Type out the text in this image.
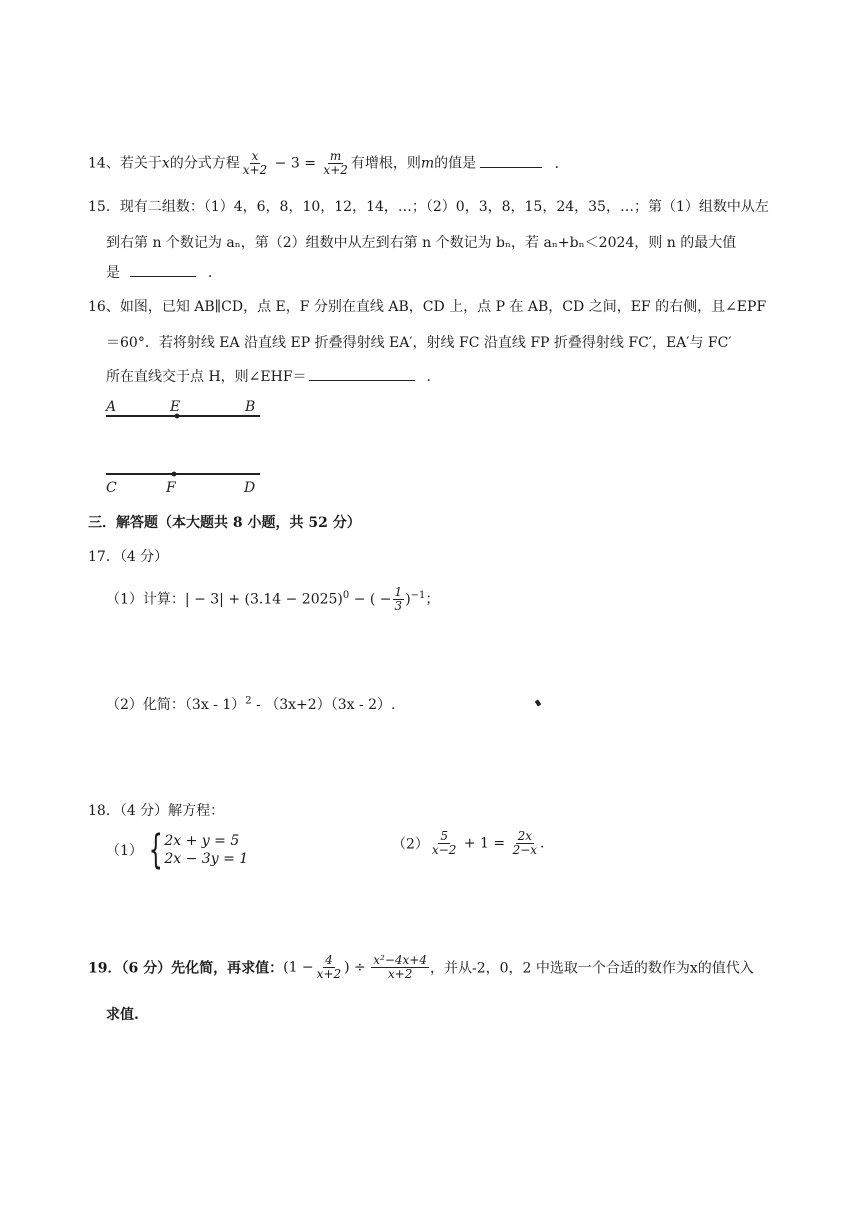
14、若关于x的分式方程 $\frac{x}{x+2} - 3 = \frac{m}{x+2}$ 有增根，则m的值是	．
15．现有二组数：（1）4，6，8，10，12，14，…；（2）0，3，8，15，24，35，…；第（1）组数中从左
到右第 n 个数记为 aₙ，第（2）组数中从左到右第 n 个数记为 bₙ，若 aₙ+bₙ＜2024，则 n 的最大值
是	．
16、如图，已知 AB∥CD，点 E，F 分别在直线 AB，CD 上，点 P 在 AB，CD 之间，EF 的右侧，且∠EPF
＝60°．若将射线 EA 沿直线 EP 折叠得射线 EA′，射线 FC 沿直线 FP 折叠得射线 FC′，EA′与 FC′
所在直线交于点 H，则∠EHF＝	．
A	E	B
C	F	D
三．解答题（本大题共 8 小题，共 52 分）
17．（4 分）
（1）计算：| − $3| + (3.14 - 2025)^0$ − ( − $\frac{1}{3} )^{-1}$；
（2）化简：（3x - 1）$^2$ - （3x+2）（3x - 2）.
18．（4 分）解方程：
（1） { 2x + y = 5
2x − 3y = 1
$(2) \frac{5}{x-2} + 1 = \frac{2x}{2-x}$ .
19．（6 分）先化简，再求值：($1 - \frac{4}{x+2}$ ) ÷ $\frac{\text{x²−4x+4}}{x+2}$ ，并从-2，0，2 中选取一个合适的数作为x的值代入
求值.
